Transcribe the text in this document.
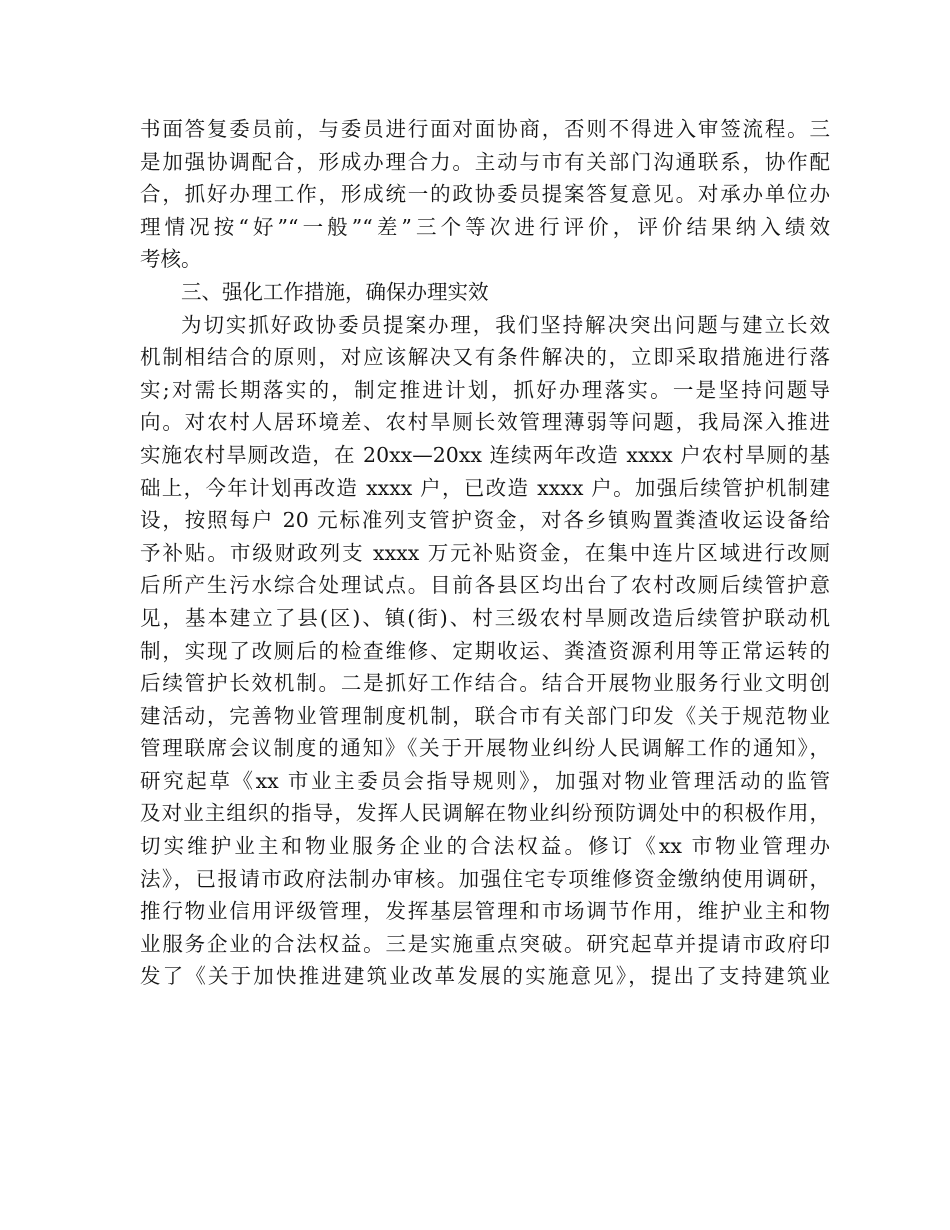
书面答复委员前，与委员进行面对面协商，否则不得进入审签流程。三
是加强协调配合，形成办理合力。主动与市有关部门沟通联系，协作配
合，抓好办理工作，形成统一的政协委员提案答复意见。对承办单位办
理情况按“好”“一般”“差”三个等次进行评价，评价结果纳入绩效
考核。
三、强化工作措施，确保办理实效
为切实抓好政协委员提案办理，我们坚持解决突出问题与建立长效
机制相结合的原则，对应该解决又有条件解决的，立即采取措施进行落
实;对需长期落实的，制定推进计划，抓好办理落实。一是坚持问题导
向。对农村人居环境差、农村旱厕长效管理薄弱等问题，我局深入推进
实施农村旱厕改造，在 20xx—20xx 连续两年改造 xxxx 户农村旱厕的基
础上，今年计划再改造 xxxx 户，已改造 xxxx 户。加强后续管护机制建
设，按照每户 20 元标准列支管护资金，对各乡镇购置粪渣收运设备给
予补贴。市级财政列支 xxxx 万元补贴资金，在集中连片区域进行改厕
后所产生污水综合处理试点。目前各县区均出台了农村改厕后续管护意
见，基本建立了县(区)、镇(街)、村三级农村旱厕改造后续管护联动机
制，实现了改厕后的检查维修、定期收运、粪渣资源利用等正常运转的
后续管护长效机制。二是抓好工作结合。结合开展物业服务行业文明创
建活动，完善物业管理制度机制，联合市有关部门印发《关于规范物业
管理联席会议制度的通知》《关于开展物业纠纷人民调解工作的通知》，
研究起草《xx 市业主委员会指导规则》，加强对物业管理活动的监管
及对业主组织的指导，发挥人民调解在物业纠纷预防调处中的积极作用，
切实维护业主和物业服务企业的合法权益。修订《xx 市物业管理办
法》，已报请市政府法制办审核。加强住宅专项维修资金缴纳使用调研，
推行物业信用评级管理，发挥基层管理和市场调节作用，维护业主和物
业服务企业的合法权益。三是实施重点突破。研究起草并提请市政府印
发了《关于加快推进建筑业改革发展的实施意见》，提出了支持建筑业
